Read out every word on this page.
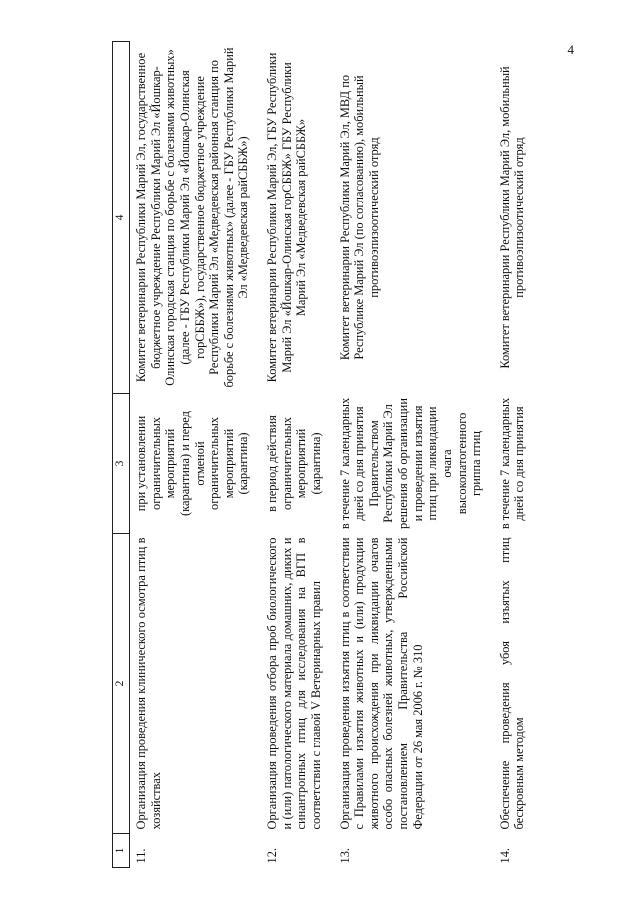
4
1	2	3	4
11.	Организация проведения клинического осмотра птиц в хозяйствах	при установлении ограничительных мероприятий (карантина) и перед отменой ограничительных мероприятий (карантина)	Комитет ветеринарии Республики Марий Эл, государственное бюджетное учреждение Республики Марий Эл «Йошкар-Олинская городская станция по борьбе с болезнями животных» (далее - ГБУ Республики Марий Эл «Йошкар-Олинская горСББЖ»), государственное бюджетное учреждение Республики Марий Эл «Медведевская районная станция по борьбе с болезнями животных» (далее - ГБУ Республики Марий Эл «Медведевская райСББЖ»)
12.	Организация проведения отбора проб биологического и (или) патологического материала домашних, диких и синантропных птиц для исследования на ВГП в соответствии с главой V Ветеринарных правил	в период действия ограничительных мероприятий (карантина)	Комитет ветеринарии Республики Марий Эл, ГБУ Республики Марий Эл «Йошкар-Олинская горСББЖ» ГБУ Республики Марий Эл «Медведевская райСББЖ»
13.	Организация проведения изъятия птиц в соответствии с Правилами изъятия животных и (или) продукции животного происхождения при ликвидации очагов особо опасных болезней животных, утвержденными постановлением Правительства Российской Федерации от 26 мая 2006 г. № 310	в течение 7 календарных дней со дня принятия Правительством Республики Марий Эл решения об организации и проведении изъятия птиц при ликвидации очага высокопатогенного гриппа птиц	Комитет ветеринарии Республики Марий Эл, МВД по Республике Марий Эл (по согласованию), мобильный противоэпизоотический отряд
14.	Обеспечение проведения убоя изъятых птиц бескровным методом	в течение 7 календарных дней со дня принятия	Комитет ветеринарии Республики Марий Эл, мобильный противоэпизоотический отряд
